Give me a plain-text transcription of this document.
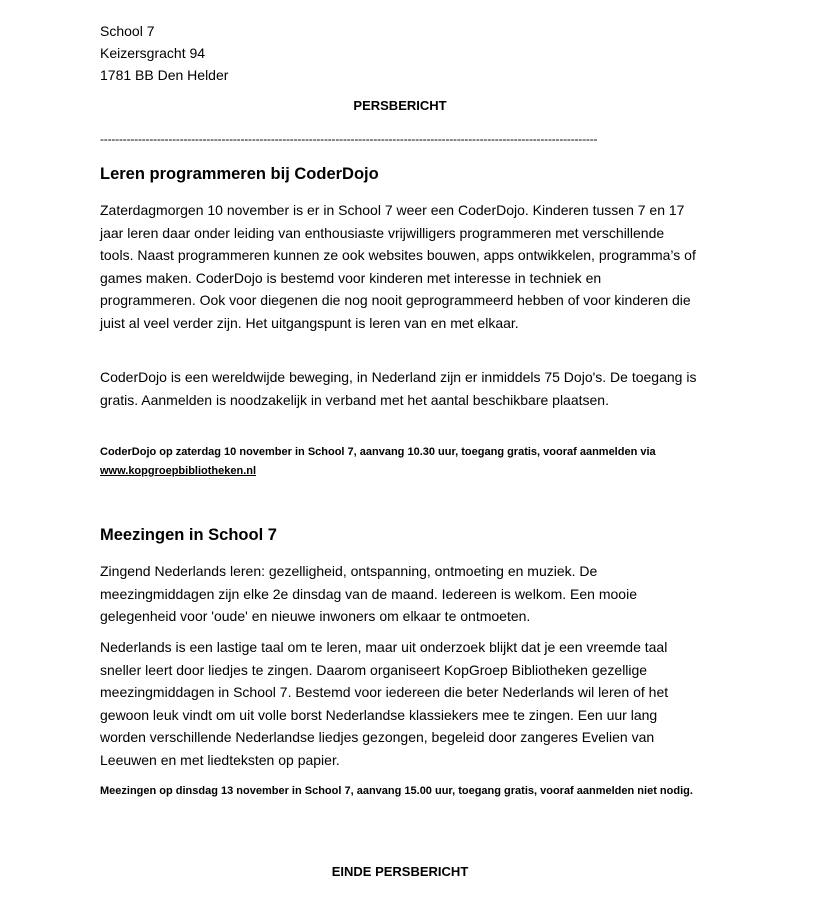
School 7
Keizersgracht 94
1781 BB Den Helder
PERSBERICHT
-----------------------------------------------------------------------------------------------------------------------------------
Leren programmeren bij CoderDojo
Zaterdagmorgen 10 november is er in School 7 weer een CoderDojo. Kinderen tussen 7 en 17 jaar leren daar onder leiding van enthousiaste vrijwilligers programmeren met verschillende tools. Naast programmeren kunnen ze ook websites bouwen, apps ontwikkelen, programma’s of games maken. CoderDojo is bestemd voor kinderen met interesse in techniek en programmeren. Ook voor diegenen die nog nooit geprogrammeerd hebben of voor kinderen die juist al veel verder zijn. Het uitgangspunt is leren van en met elkaar.
CoderDojo is een wereldwijde beweging, in Nederland zijn er inmiddels 75 Dojo's. De toegang is gratis. Aanmelden is noodzakelijk in verband met het aantal beschikbare plaatsen.
CoderDojo op zaterdag 10 november in School 7, aanvang 10.30 uur, toegang gratis, vooraf aanmelden via www.kopgroepbibliotheken.nl
Meezingen in School 7
Zingend Nederlands leren: gezelligheid, ontspanning, ontmoeting en muziek. De meezingmiddagen zijn elke 2e dinsdag van de maand. Iedereen is welkom. Een mooie gelegenheid voor 'oude' en nieuwe inwoners om elkaar te ontmoeten.
Nederlands is een lastige taal om te leren, maar uit onderzoek blijkt dat je een vreemde taal sneller leert door liedjes te zingen. Daarom organiseert KopGroep Bibliotheken gezellige meezingmiddagen in School 7. Bestemd voor iedereen die beter Nederlands wil leren of het gewoon leuk vindt om uit volle borst Nederlandse klassiekers mee te zingen. Een uur lang worden verschillende Nederlandse liedjes gezongen, begeleid door zangeres Evelien van Leeuwen en met liedteksten op papier.
Meezingen op dinsdag 13 november in School 7, aanvang 15.00 uur, toegang gratis, vooraf aanmelden niet nodig.
EINDE PERSBERICHT
